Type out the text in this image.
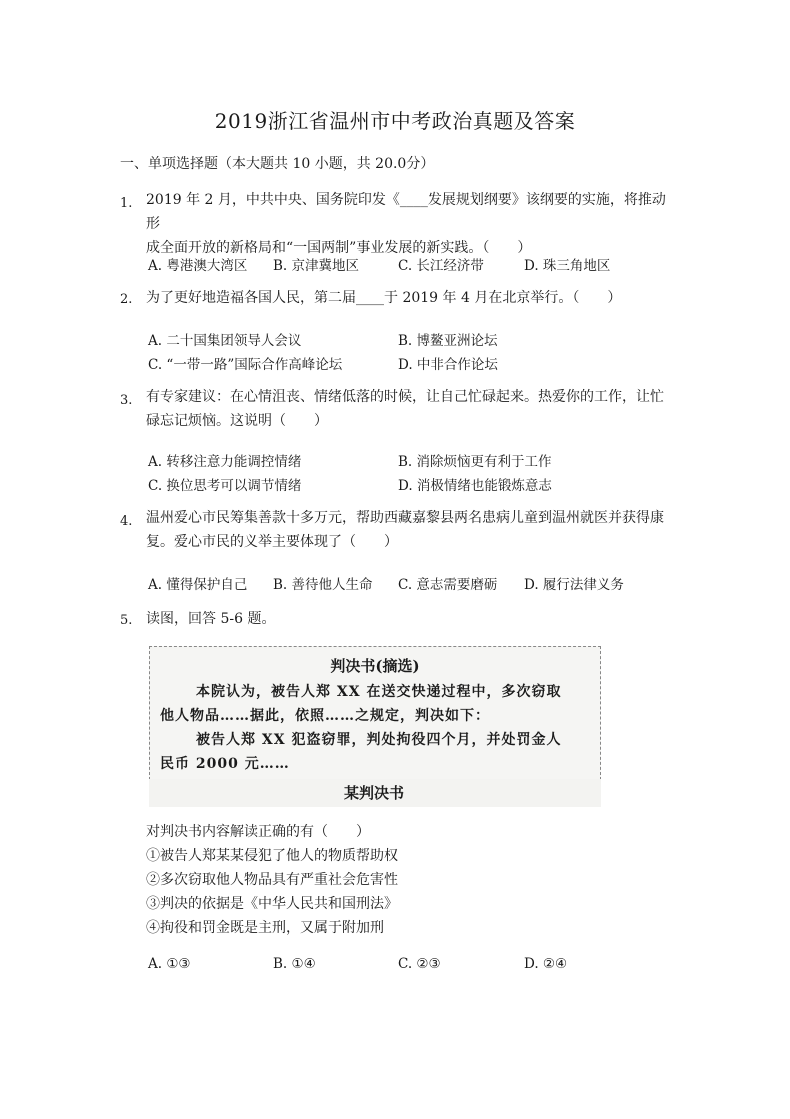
2019浙江省温州市中考政治真题及答案
一、单项选择题（本大题共 10 小题，共 20.0分）
1. 2019 年 2 月，中共中央、国务院印发《____发展规划纲要》该纲要的实施，将推动形
成全面开放的新格局和“一国两制”事业发展的新实践。（　　）
A. 粤港澳大湾区 B. 京津冀地区	C. 长江经济带	D. 珠三角地区
2. 为了更好地造福各国人民，第二届____于 2019 年 4 月在北京举行。（　　）
A. 二十国集团领导人会议	B. 博鳌亚洲论坛
C. “一带一路”国际合作高峰论坛	D. 中非合作论坛
3. 有专家建议：在心情沮丧、情绪低落的时候，让自己忙碌起来。热爱你的工作，让忙
碌忘记烦恼。这说明（　　）
A. 转移注意力能调控情绪	B. 消除烦恼更有利于工作
C. 换位思考可以调节情绪	D. 消极情绪也能锻炼意志
4. 温州爱心市民筹集善款十多万元，帮助西藏嘉黎县两名患病儿童到温州就医并获得康
复。爱心市民的义举主要体现了（　　）
A. 懂得保护自己 B. 善待他人生命 C. 意志需要磨砺 D. 履行法律义务
5. 读图，回答 5-6 题。
判决书(摘选)
本院认为，被告人郑 XX 在送交快递过程中，多次窃取
他人物品……据此，依照……之规定，判决如下：
被告人郑 XX 犯盗窃罪，判处拘役四个月，并处罚金人
民币 2000 元……
某判决书
对判决书内容解读正确的有（　　）
①被告人郑某某侵犯了他人的物质帮助权
②多次窃取他人物品具有严重社会危害性
③判决的依据是《中华人民共和国刑法》
④拘役和罚金既是主刑，又属于附加刑
A. ①③	B. ①④	C. ②③	D. ②④
